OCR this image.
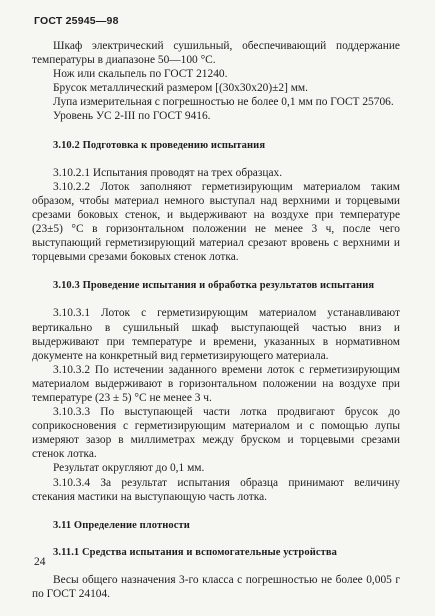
ГОСТ 25945—98

Шкаф электрический сушильный, обеспечивающий поддержание температуры в диапазоне 50—100 °C.

Нож или скальпель по ГОСТ 21240.

Брусок металлический размером [(30х30х20)±2] мм.

Лупа измерительная с погрешностью не более 0,1 мм по ГОСТ 25706.

Уровень УС 2-III по ГОСТ 9416.

3.10.2 Подготовка к проведению испытания

3.10.2.1 Испытания проводят на трех образцах.

3.10.2.2 Лоток заполняют герметизирующим материалом таким образом, чтобы материал немного выступал над верхними и торцевыми срезами боковых стенок, и выдерживают на воздухе при температуре (23±5) °C в горизонтальном положении не менее 3 ч, после чего выступающий герметизирующий материал срезают вровень с верхними и торцевыми срезами боковых стенок лотка.

3.10.3 Проведение испытания и обработка результатов испытания

3.10.3.1 Лоток с герметизирующим материалом устанавливают вертикально в сушильный шкаф выступающей частью вниз и выдерживают при температуре и времени, указанных в нормативном документе на конкретный вид герметизирующего материала.

3.10.3.2 По истечении заданного времени лоток с герметизирующим материалом выдерживают в горизонтальном положении на воздухе при температуре (23 ± 5) °C не менее 3 ч.

3.10.3.3 По выступающей части лотка продвигают брусок до соприкосновения с герметизирующим материалом и с помощью лупы измеряют зазор в миллиметрах между бруском и торцевыми срезами стенок лотка.

Результат округляют до 0,1 мм.

3.10.3.4 За результат испытания образца принимают величину стекания мастики на выступающую часть лотка.

3.11 Определение плотности
3.11.1 Средства испытания и вспомогательные устройства

Весы общего назначения 3-го класса с погрешностью не более 0,005 г по ГОСТ 24104.

24
